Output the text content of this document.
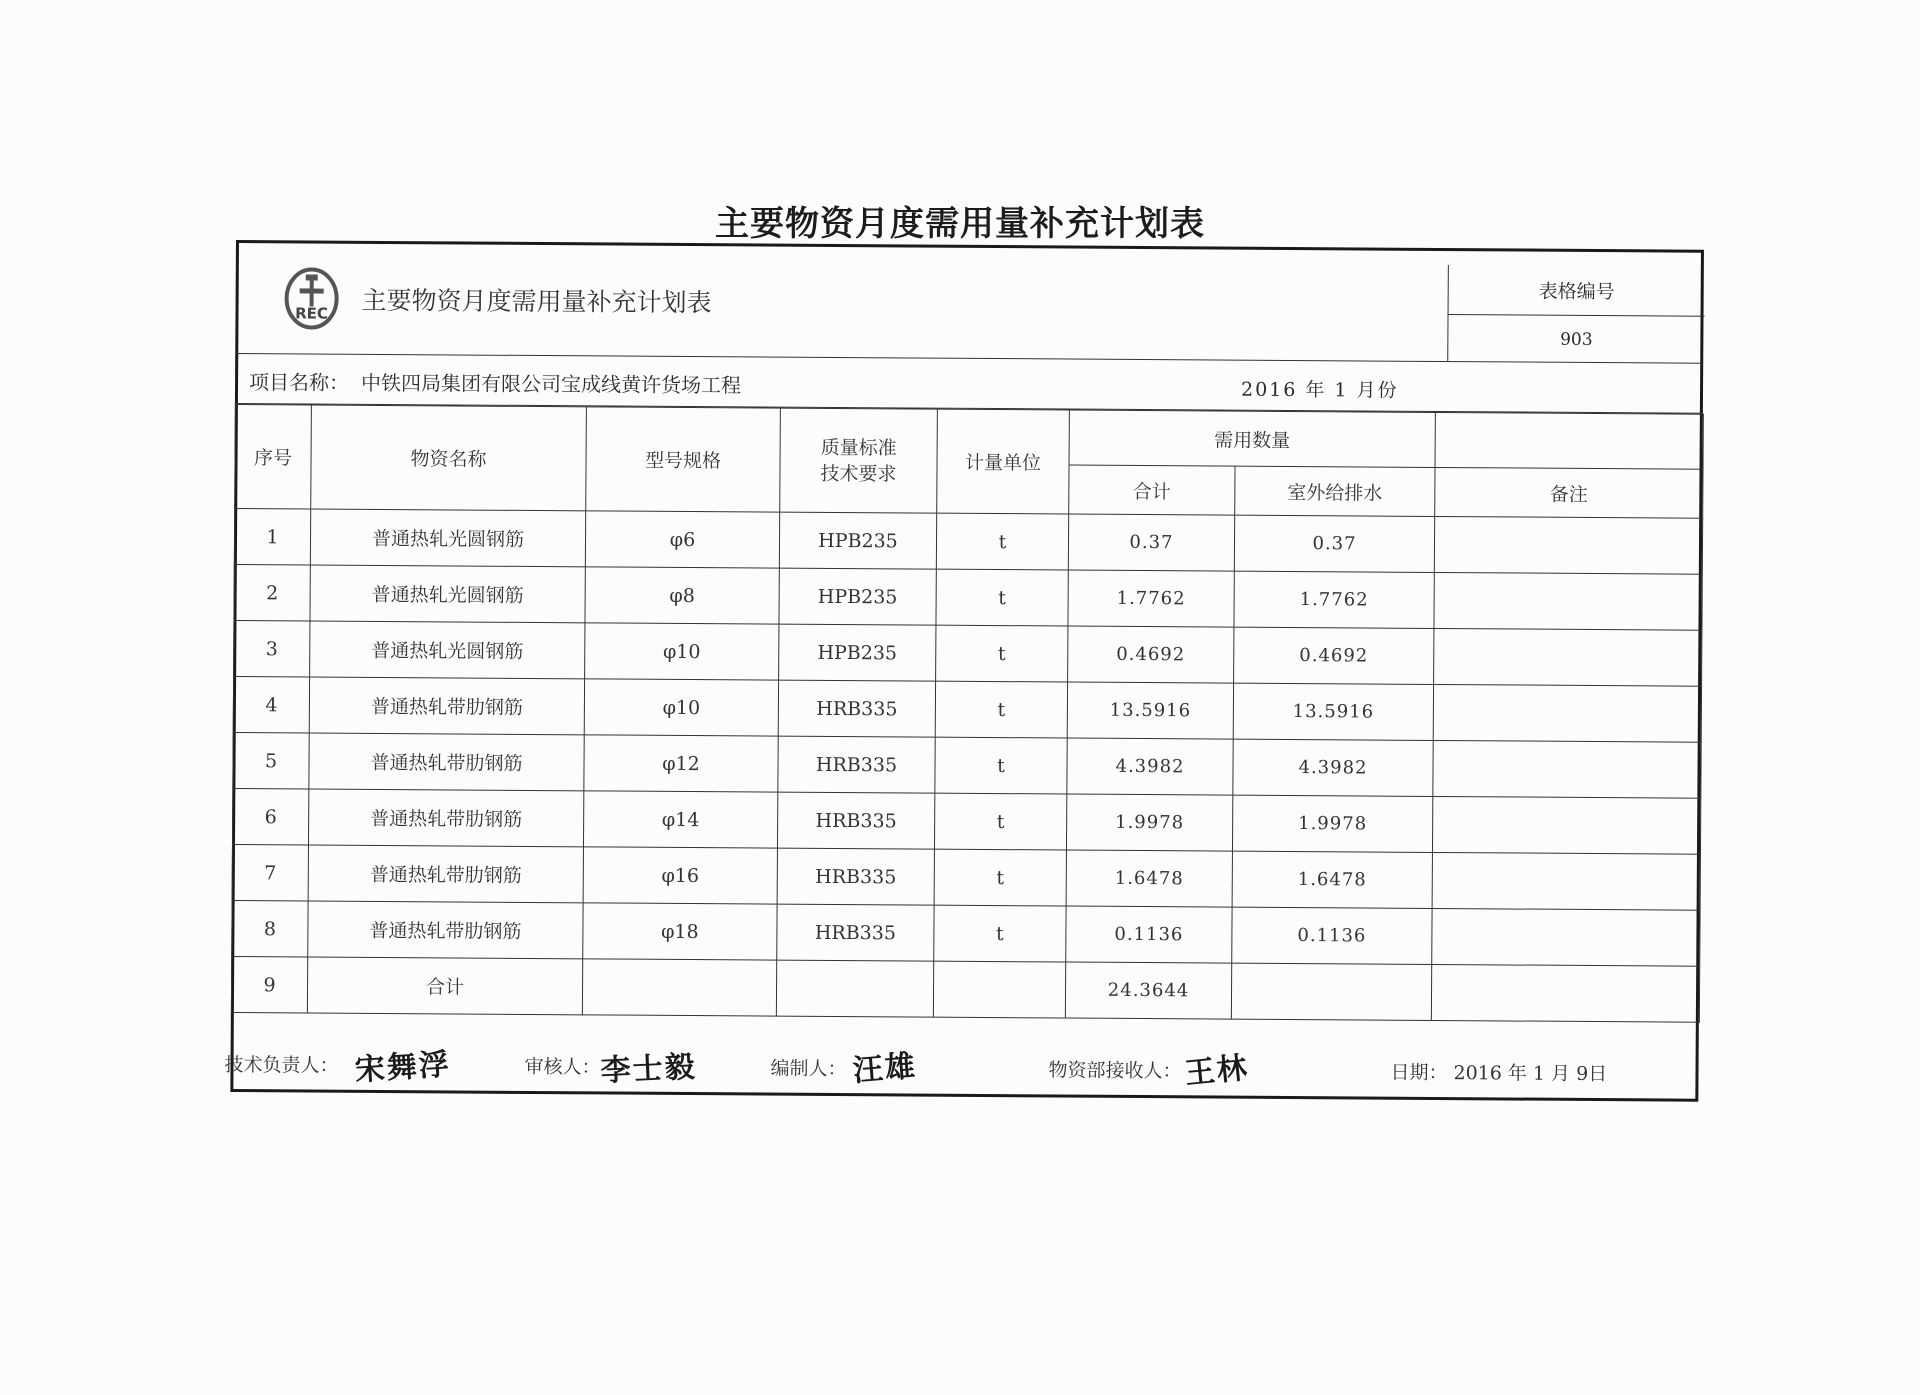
主要物资月度需用量补充计划表
REC 主要物资月度需用量补充计划表	表格编号
903
项目名称： 中铁四局集团有限公司宝成线黄许货场工程	2016 年 1 月份
序号	物资名称	型号规格	质量标准
技术要求	计量单位	需用数量		
					合计	室外给排水	备注
1	普通热轧光圆钢筋	φ6	HPB235	t	0.37	0.37	
2	普通热轧光圆钢筋	φ8	HPB235	t	1.7762	1.7762	
3	普通热轧光圆钢筋	φ10	HPB235	t	0.4692	0.4692	
4	普通热轧带肋钢筋	φ10	HRB335	t	13.5916	13.5916	
5	普通热轧带肋钢筋	φ12	HRB335	t	4.3982	4.3982	
6	普通热轧带肋钢筋	φ14	HRB335	t	1.9978	1.9978	
7	普通热轧带肋钢筋	φ16	HRB335	t	1.6478	1.6478	
8	普通热轧带肋钢筋	φ18	HRB335	t	0.1136	0.1136	
9	合计				24.3644		
技术负责人： 宋舞浮	审核人： 李士毅	编制人： 汪雄	物资部接收人： 王林	日期： 2016 年 1 月 9日
